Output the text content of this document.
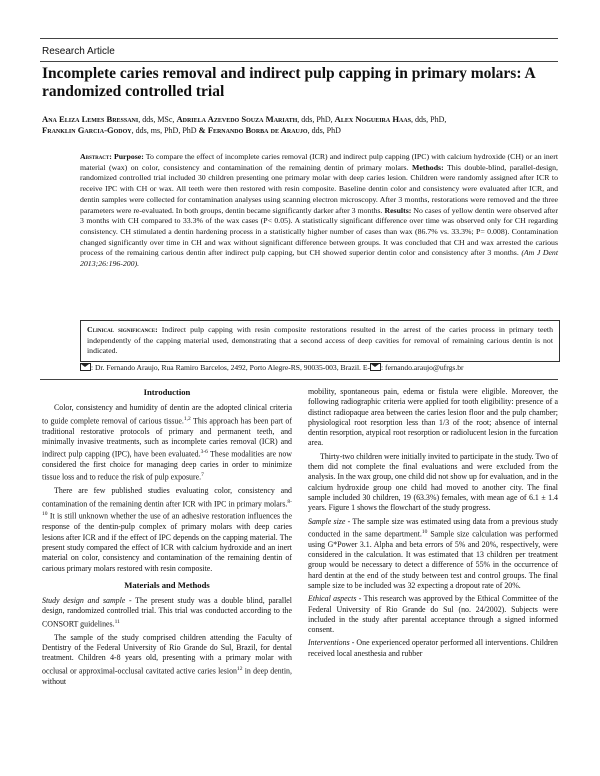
Research Article
Incomplete caries removal and indirect pulp capping in primary molars: A randomized controlled trial
Ana Eliza Lemes Bressani, dds, MSc, Adriela Azevedo Souza Mariath, dds, PhD, Alex Nogueira Haas, dds, PhD,
Franklin Garcia-Godoy, dds, ms, PhD, PhD & Fernando Borba de Araujo, dds, PhD
Abstract: Purpose: To compare the effect of incomplete caries removal (ICR) and indirect pulp capping (IPC) with calcium hydroxide (CH) or an inert material (wax) on color, consistency and contamination of the remaining dentin of primary molars. Methods: This double-blind, parallel-design, randomized controlled trial included 30 children presenting one primary molar with deep caries lesion. Children were randomly assigned after ICR to receive IPC with CH or wax. All teeth were then restored with resin composite. Baseline dentin color and consistency were evaluated after ICR, and dentin samples were collected for contamination analyses using scanning electron microscopy. After 3 months, restorations were removed and the three parameters were re-evaluated. In both groups, dentin became significantly darker after 3 months. Results: No cases of yellow dentin were observed after 3 months with CH compared to 33.3% of the wax cases (P< 0.05). A statistically significant difference over time was observed only for CH regarding consistency. CH stimulated a dentin hardening process in a statistically higher number of cases than wax (86.7% vs. 33.3%; P= 0.008). Contamination changed significantly over time in CH and wax without significant difference between groups. It was concluded that CH and wax arrested the carious process of the remaining carious dentin after indirect pulp capping, but CH showed superior dentin color and consistency after 3 months. (Am J Dent 2013;26:196-200).
Clinical significance: Indirect pulp capping with resin composite restorations resulted in the arrest of the caries process in primary teeth independently of the capping material used, demonstrating that a second access of deep cavities for removal of remaining carious dentin is not indicated.
: Dr. Fernando Araujo, Rua Ramiro Barcelos, 2492, Porto Alegre-RS, 90035-003, Brazil. E- : fernando.araujo@ufrgs.br
Introduction

Color, consistency and humidity of dentin are the adopted clinical criteria to guide complete removal of carious tissue.$^{1,2}$ This approach has been part of traditional restorative protocols of primary and permanent teeth, and minimally invasive treatments, such as incomplete caries removal (ICR) and indirect pulp capping (IPC), have been evaluated.$^{3-6}$ These modalities are now considered the first choice for managing deep caries in order to minimize tissue loss and to reduce the risk of pulp exposure.$^7$

There are few published studies evaluating color, consistency and contamination of the remaining dentin after ICR with IPC in primary molars.$^{8-10}$ It is still unknown whether the use of an adhesive restoration influences the response of the dentin-pulp complex of primary molars with deep caries lesions after ICR and if the effect of IPC depends on the capping material. The present study compared the effect of ICR with calcium hydroxide and an inert material on color, consistency and contamination of the remaining dentin of carious primary molars restored with resin composite.

Materials and Methods

Study design and sample - The present study was a double blind, parallel design, randomized controlled trial. This trial was conducted according to the CONSORT guidelines.$^{11}$

The sample of the study comprised children attending the Faculty of Dentistry of the Federal University of Rio Grande do Sul, Brazil, for dental treatment. Children 4-8 years old, presenting with a primary molar with occlusal or approximal-occlusal cavitated active caries lesion$^{12}$ in deep dentin, without

mobility, spontaneous pain, edema or fistula were eligible. Moreover, the following radiographic criteria were applied for tooth eligibility: presence of a distinct radiopaque area between the caries lesion floor and the pulp chamber; physiological root resorption less than 1/3 of the root; absence of internal dentin resorption, atypical root resorption or radiolucent lesion in the furcation area.

Thirty-two children were initially invited to participate in the study. Two of them did not complete the final evaluations and were excluded from the analysis. In the wax group, one child did not show up for evaluation, and in the calcium hydroxide group one child had moved to another city. The final sample included 30 children, 19 (63.3%) females, with mean age of 6.1 ± 1.4 years. Figure 1 shows the flowchart of the study progress.

Sample size - The sample size was estimated using data from a previous study conducted in the same department.$^{10}$ Sample size calculation was performed using G*Power 3.1. Alpha and beta errors of 5% and 20%, respectively, were considered in the calculation. It was estimated that 13 children per treatment group would be necessary to detect a difference of 55% in the occurrence of hard dentin at the end of the study between test and control groups. The final sample size to be included was 32 expecting a dropout rate of 20%.

Ethical aspects - This research was approved by the Ethical Committee of the Federal University of Rio Grande do Sul (no. 24/2002). Subjects were included in the study after parental acceptance through a signed informed consent.

Interventions - One experienced operator performed all interventions. Children received local anesthesia and rubber
